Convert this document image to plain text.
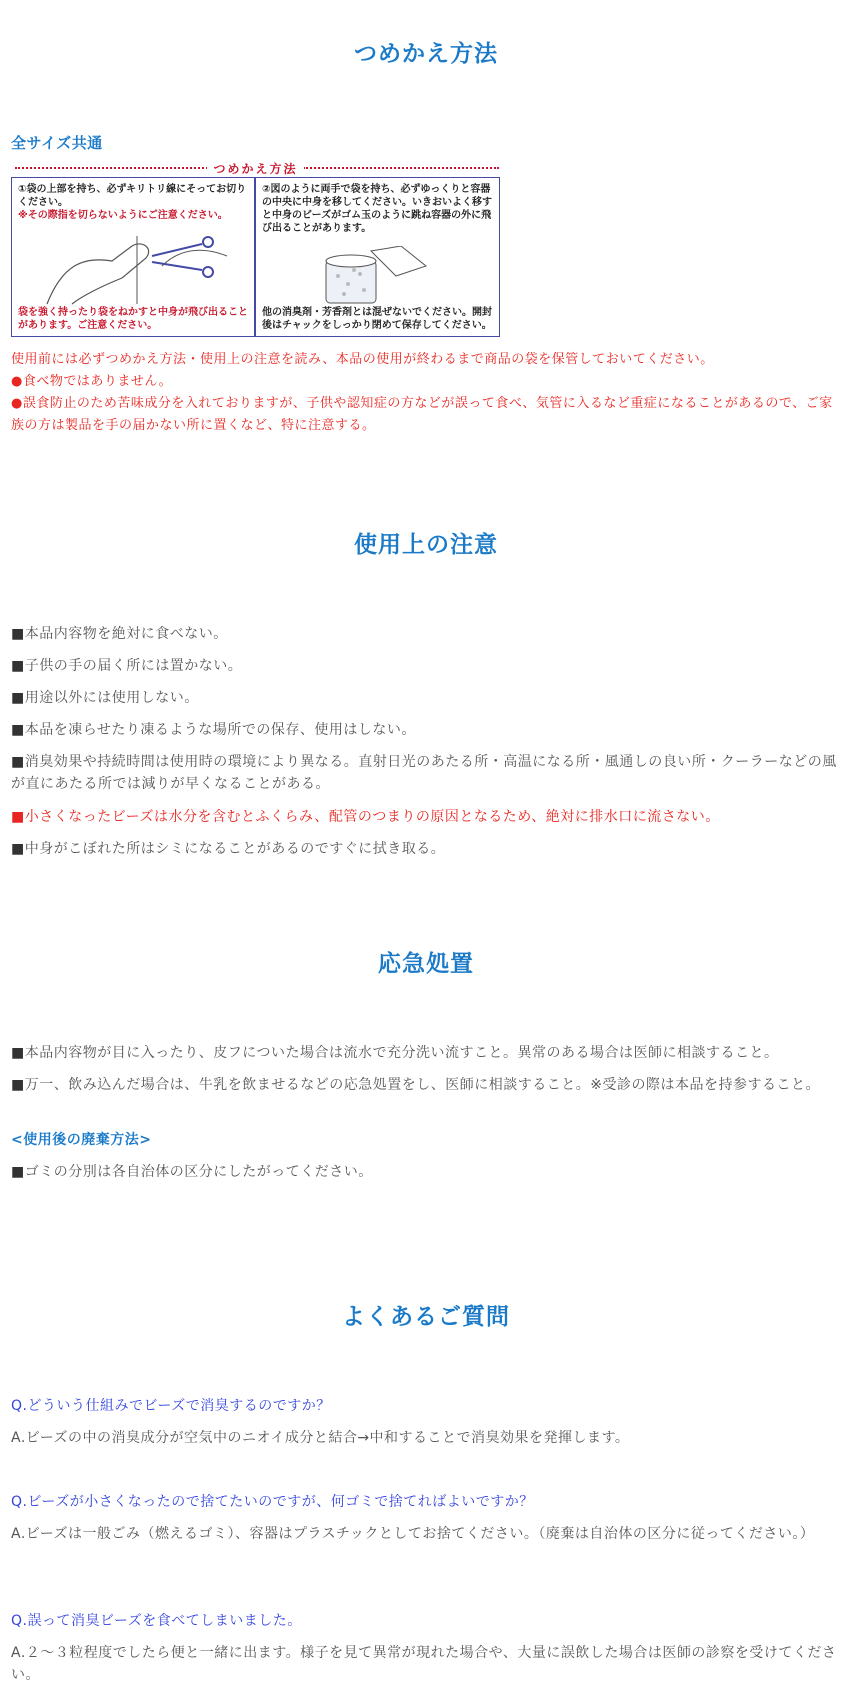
つめかえ方法

全サイズ共通

つめかえ方法

①袋の上部を持ち、必ずキリトリ線にそってお切りください。

※その際指を切らないようにご注意ください。

袋を強く持ったり袋をねかすと中身が飛び出ることがあります。ご注意ください。

②図のように両手で袋を持ち、必ずゆっくりと容器の中央に中身を移してください。いきおいよく移すと中身のビーズがゴム玉のように跳ね容器の外に飛び出ることがあります。

他の消臭剤・芳香剤とは混ぜないでください。開封後はチャックをしっかり閉めて保存してください。

使用前には必ずつめかえ方法・使用上の注意を読み、本品の使用が終わるまで商品の袋を保管しておいてください。

●食べ物ではありません。

●誤食防止のため苦味成分を入れておりますが、子供や認知症の方などが誤って食べ、気管に入るなど重症になることがあるので、ご家族の方は製品を手の届かない所に置くなど、特に注意する。

使用上の注意

■本品内容物を絶対に食べない。

■子供の手の届く所には置かない。

■用途以外には使用しない。

■本品を凍らせたり凍るような場所での保存、使用はしない。

■消臭効果や持続時間は使用時の環境により異なる。直射日光のあたる所・高温になる所・風通しの良い所・クーラーなどの風が直にあたる所では減りが早くなることがある。

■小さくなったビーズは水分を含むとふくらみ、配管のつまりの原因となるため、絶対に排水口に流さない。

■中身がこぼれた所はシミになることがあるのですぐに拭き取る。

応急処置

■本品内容物が目に入ったり、皮フについた場合は流水で充分洗い流すこと。異常のある場合は医師に相談すること。

■万一、飲み込んだ場合は、牛乳を飲ませるなどの応急処置をし、医師に相談すること。※受診の際は本品を持参すること。

<使用後の廃棄方法>

■ゴミの分別は各自治体の区分にしたがってください。

よくあるご質問

Q.どういう仕組みでビーズで消臭するのですか？

A.ビーズの中の消臭成分が空気中のニオイ成分と結合→中和することで消臭効果を発揮します。

Q.ビーズが小さくなったので捨てたいのですが、何ゴミで捨てればよいですか？

A.ビーズは一般ごみ（燃えるゴミ）、容器はプラスチックとしてお捨てください。（廃棄は自治体の区分に従ってください。）

Q.誤って消臭ビーズを食べてしまいました。

A.２～３粒程度でしたら便と一緒に出ます。様子を見て異常が現れた場合や、大量に誤飲した場合は医師の診察を受けてください。
